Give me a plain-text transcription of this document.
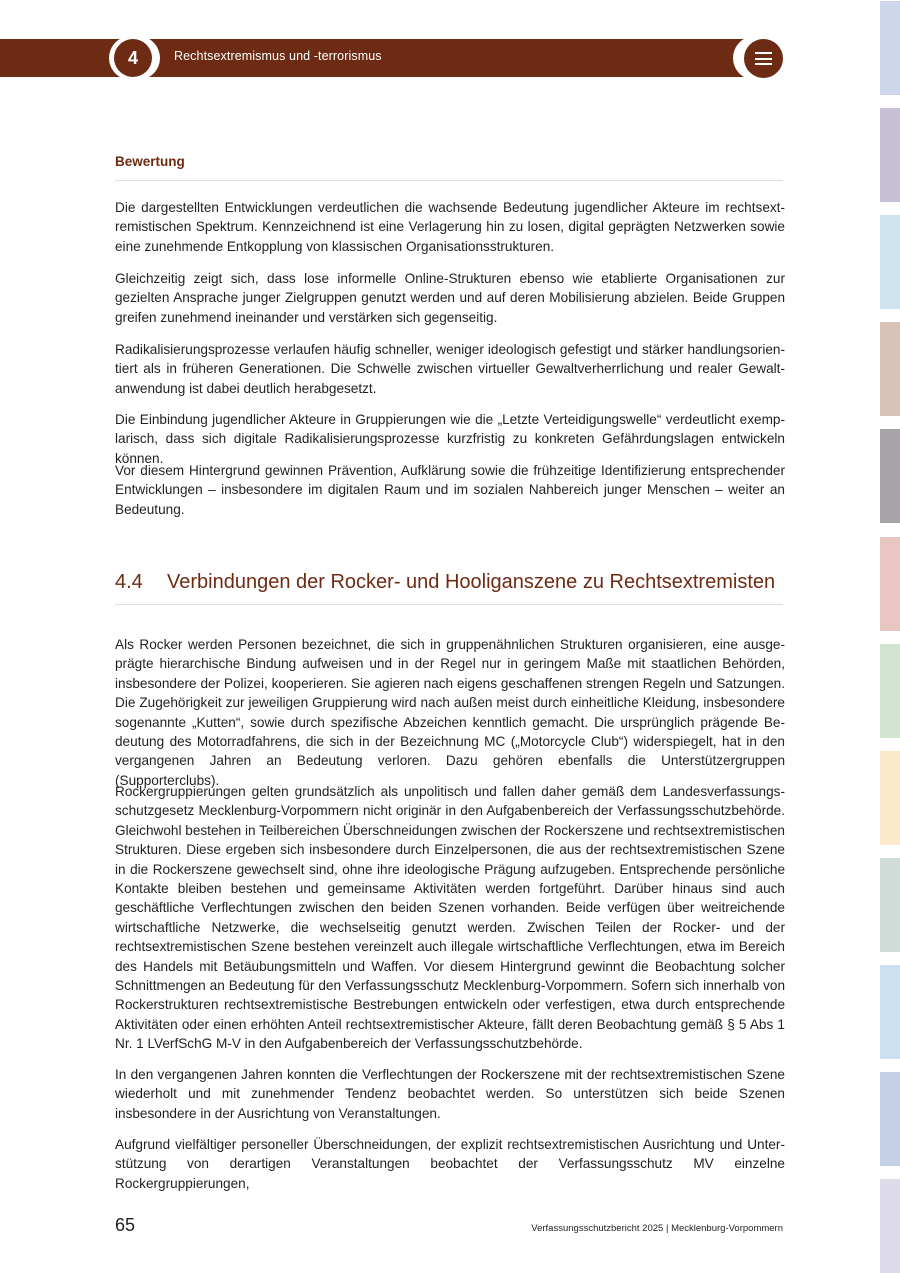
4	Rechtsextremismus und -terrorismus
Bewertung

Die dargestellten Entwicklungen verdeutlichen die wachsende Bedeutung jugendlicher Akteure im rechtsextremistischen Spektrum. Kennzeichnend ist eine Verlagerung hin zu losen, digital geprägten Netzwerken sowie eine zunehmende Entkopplung von klassischen Organisationsstrukturen.

Gleichzeitig zeigt sich, dass lose informelle Online-Strukturen ebenso wie etablierte Organisationen zur gezielten Ansprache junger Zielgruppen genutzt werden und auf deren Mobilisierung abzielen. Beide Gruppen greifen zunehmend ineinander und verstärken sich gegenseitig.

Radikalisierungsprozesse verlaufen häufig schneller, weniger ideologisch gefestigt und stärker handlungsorientiert als in früheren Generationen. Die Schwelle zwischen virtueller Gewaltverherrlichung und realer Gewaltanwendung ist dabei deutlich herabgesetzt.

Die Einbindung jugendlicher Akteure in Gruppierungen wie die „Letzte Verteidigungswelle“ verdeutlicht exemplarisch, dass sich digitale Radikalisierungsprozesse kurzfristig zu konkreten Gefährdungslagen entwickeln können.

Vor diesem Hintergrund gewinnen Prävention, Aufklärung sowie die frühzeitige Identifizierung entsprechender Entwicklungen – insbesondere im digitalen Raum und im sozialen Nahbereich junger Menschen – weiter an Bedeutung.

4.4 Verbindungen der Rocker- und Hooliganszene zu Rechtsextremisten

Als Rocker werden Personen bezeichnet, die sich in gruppenähnlichen Strukturen organisieren, eine ausgeprägte hierarchische Bindung aufweisen und in der Regel nur in geringem Maße mit staatlichen Behörden, insbesondere der Polizei, kooperieren. Sie agieren nach eigens geschaffenen strengen Regeln und Satzungen. Die Zugehörigkeit zur jeweiligen Gruppierung wird nach außen meist durch einheitliche Kleidung, insbesondere sogenannte „Kutten“, sowie durch spezifische Abzeichen kenntlich gemacht. Die ursprünglich prägende Bedeutung des Motorradfahrens, die sich in der Bezeichnung MC („Motorcycle Club“) widerspiegelt, hat in den vergangenen Jahren an Bedeutung verloren. Dazu gehören ebenfalls die Unterstützergruppen (Supporterclubs).

Rockergruppierungen gelten grundsätzlich als unpolitisch und fallen daher gemäß dem Landesverfassungsschutzgesetz Mecklenburg-Vorpommern nicht originär in den Aufgabenbereich der Verfassungsschutzbehörde. Gleichwohl bestehen in Teilbereichen Überschneidungen zwischen der Rockerszene und rechtsextremistischen Strukturen. Diese ergeben sich insbesondere durch Einzelpersonen, die aus der rechtsextremistischen Szene in die Rockerszene gewechselt sind, ohne ihre ideologische Prägung aufzugeben. Entsprechende persönliche Kontakte bleiben bestehen und gemeinsame Aktivitäten werden fortgeführt. Darüber hinaus sind auch geschäftliche Verflechtungen zwischen den beiden Szenen vorhanden. Beide verfügen über weitreichende wirtschaftliche Netzwerke, die wechselseitig genutzt werden. Zwischen Teilen der Rocker- und der rechtsextremistischen Szene bestehen vereinzelt auch illegale wirtschaftliche Verflechtungen, etwa im Bereich des Handels mit Betäubungsmitteln und Waffen. Vor diesem Hintergrund gewinnt die Beobachtung solcher Schnittmengen an Bedeutung für den Verfassungsschutz Mecklenburg-Vorpommern. Sofern sich innerhalb von Rockerstrukturen rechtsextremistische Bestrebungen entwickeln oder verfestigen, etwa durch entsprechende Aktivitäten oder einen erhöhten Anteil rechtsextremistischer Akteure, fällt deren Beobachtung gemäß § 5 Abs 1 Nr. 1 LVerfSchG M-V in den Aufgabenbereich der Verfassungsschutzbehörde.

In den vergangenen Jahren konnten die Verflechtungen der Rockerszene mit der rechtsextremistischen Szene wiederholt und mit zunehmender Tendenz beobachtet werden. So unterstützen sich beide Szenen insbesondere in der Ausrichtung von Veranstaltungen.

Aufgrund vielfältiger personeller Überschneidungen, der explizit rechtsextremistischen Ausrichtung und Unterstützung von derartigen Veranstaltungen beobachtet der Verfassungsschutz MV einzelne Rockergruppierungen,

65	Verfassungsschutzbericht 2025 | Mecklenburg-Vorpommern
